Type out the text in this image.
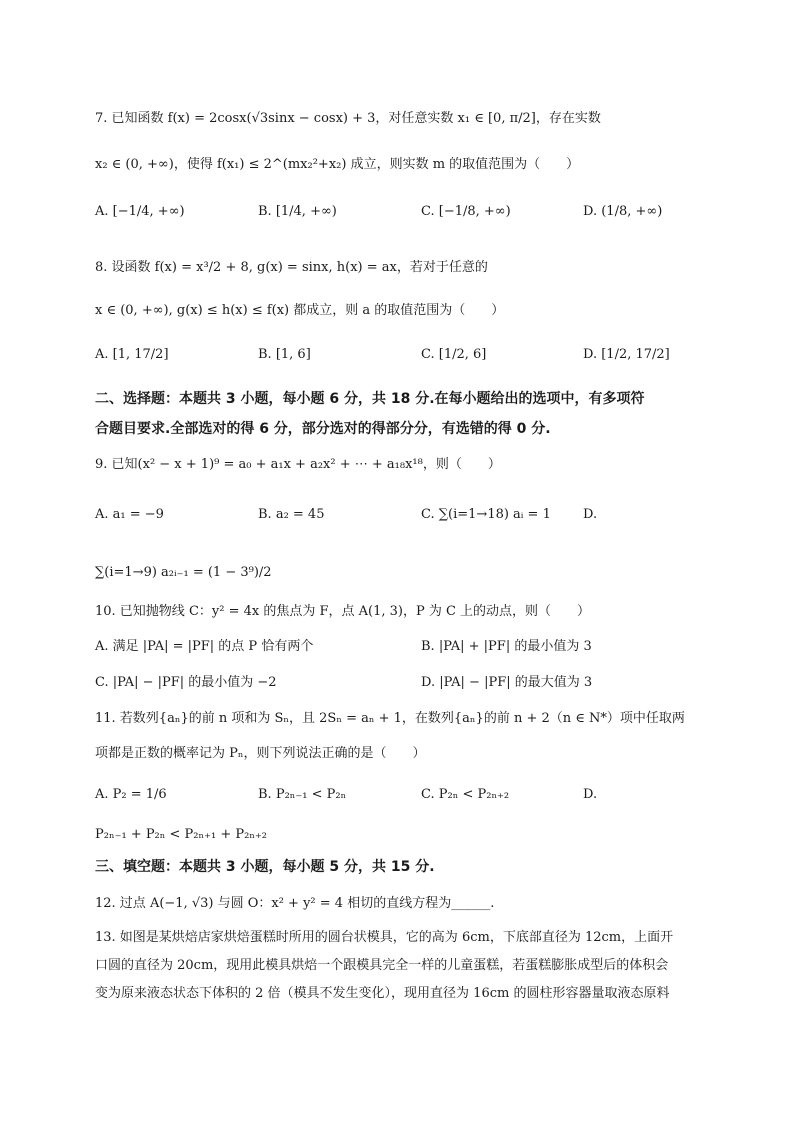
7. 已知函数 f(x) = 2cosx(√3sinx − cosx) + 3，对任意实数 x₁ ∈ [0, π/2]，存在实数
x₂ ∈ (0, +∞)，使得 f(x₁) ≤ 2^(mx₂²+x₂) 成立，则实数 m 的取值范围为（　　）
A. [−1/4, +∞)	B. [1/4, +∞)	C. [−1/8, +∞)	D. (1/8, +∞)
8. 设函数 f(x) = x³/2 + 8, g(x) = sinx, h(x) = ax，若对于任意的
x ∈ (0, +∞), g(x) ≤ h(x) ≤ f(x) 都成立，则 a 的取值范围为（　　）
A. [1, 17/2]	B. [1, 6]	C. [1/2, 6]	D. [1/2, 17/2]
二、选择题：本题共 3 小题，每小题 6 分，共 18 分.在每小题给出的选项中，有多项符
合题目要求.全部选对的得 6 分，部分选对的得部分分，有选错的得 0 分.
9. 已知(x² − x + 1)⁹ = a₀ + a₁x + a₂x² + ⋯ + a₁₈x¹⁸，则（　　）
A. a₁ = −9	B. a₂ = 45	C. ∑(i=1→18) aᵢ = 1 D.
∑(i=1→9) a₂ᵢ₋₁ = (1 − 3⁹)/2
10. 已知抛物线 C：y² = 4x 的焦点为 F，点 A(1, 3)，P 为 C 上的动点，则（　　）
A. 满足 |PA| = |PF| 的点 P 恰有两个	B. |PA| + |PF| 的最小值为 3
C. |PA| − |PF| 的最小值为 −2	D. |PA| − |PF| 的最大值为 3
11. 若数列{aₙ}的前 n 项和为 Sₙ，且 2Sₙ = aₙ + 1，在数列{aₙ}的前 n + 2（n ∈ N*）项中任取两
项都是正数的概率记为 Pₙ，则下列说法正确的是（　　）
A. P₂ = 1/6	B. P₂ₙ₋₁ < P₂ₙ	C. P₂ₙ < P₂ₙ₊₂	D.
P₂ₙ₋₁ + P₂ₙ < P₂ₙ₊₁ + P₂ₙ₊₂
三、填空题：本题共 3 小题，每小题 5 分，共 15 分.
12. 过点 A(−1, √3) 与圆 O：x² + y² = 4 相切的直线方程为______.
13. 如图是某烘焙店家烘焙蛋糕时所用的圆台状模具，它的高为 6cm，下底部直径为 12cm，上面开
口圆的直径为 20cm，现用此模具烘焙一个跟模具完全一样的儿童蛋糕，若蛋糕膨胀成型后的体积会
变为原来液态状态下体积的 2 倍（模具不发生变化），现用直径为 16cm 的圆柱形容器量取液态原料
